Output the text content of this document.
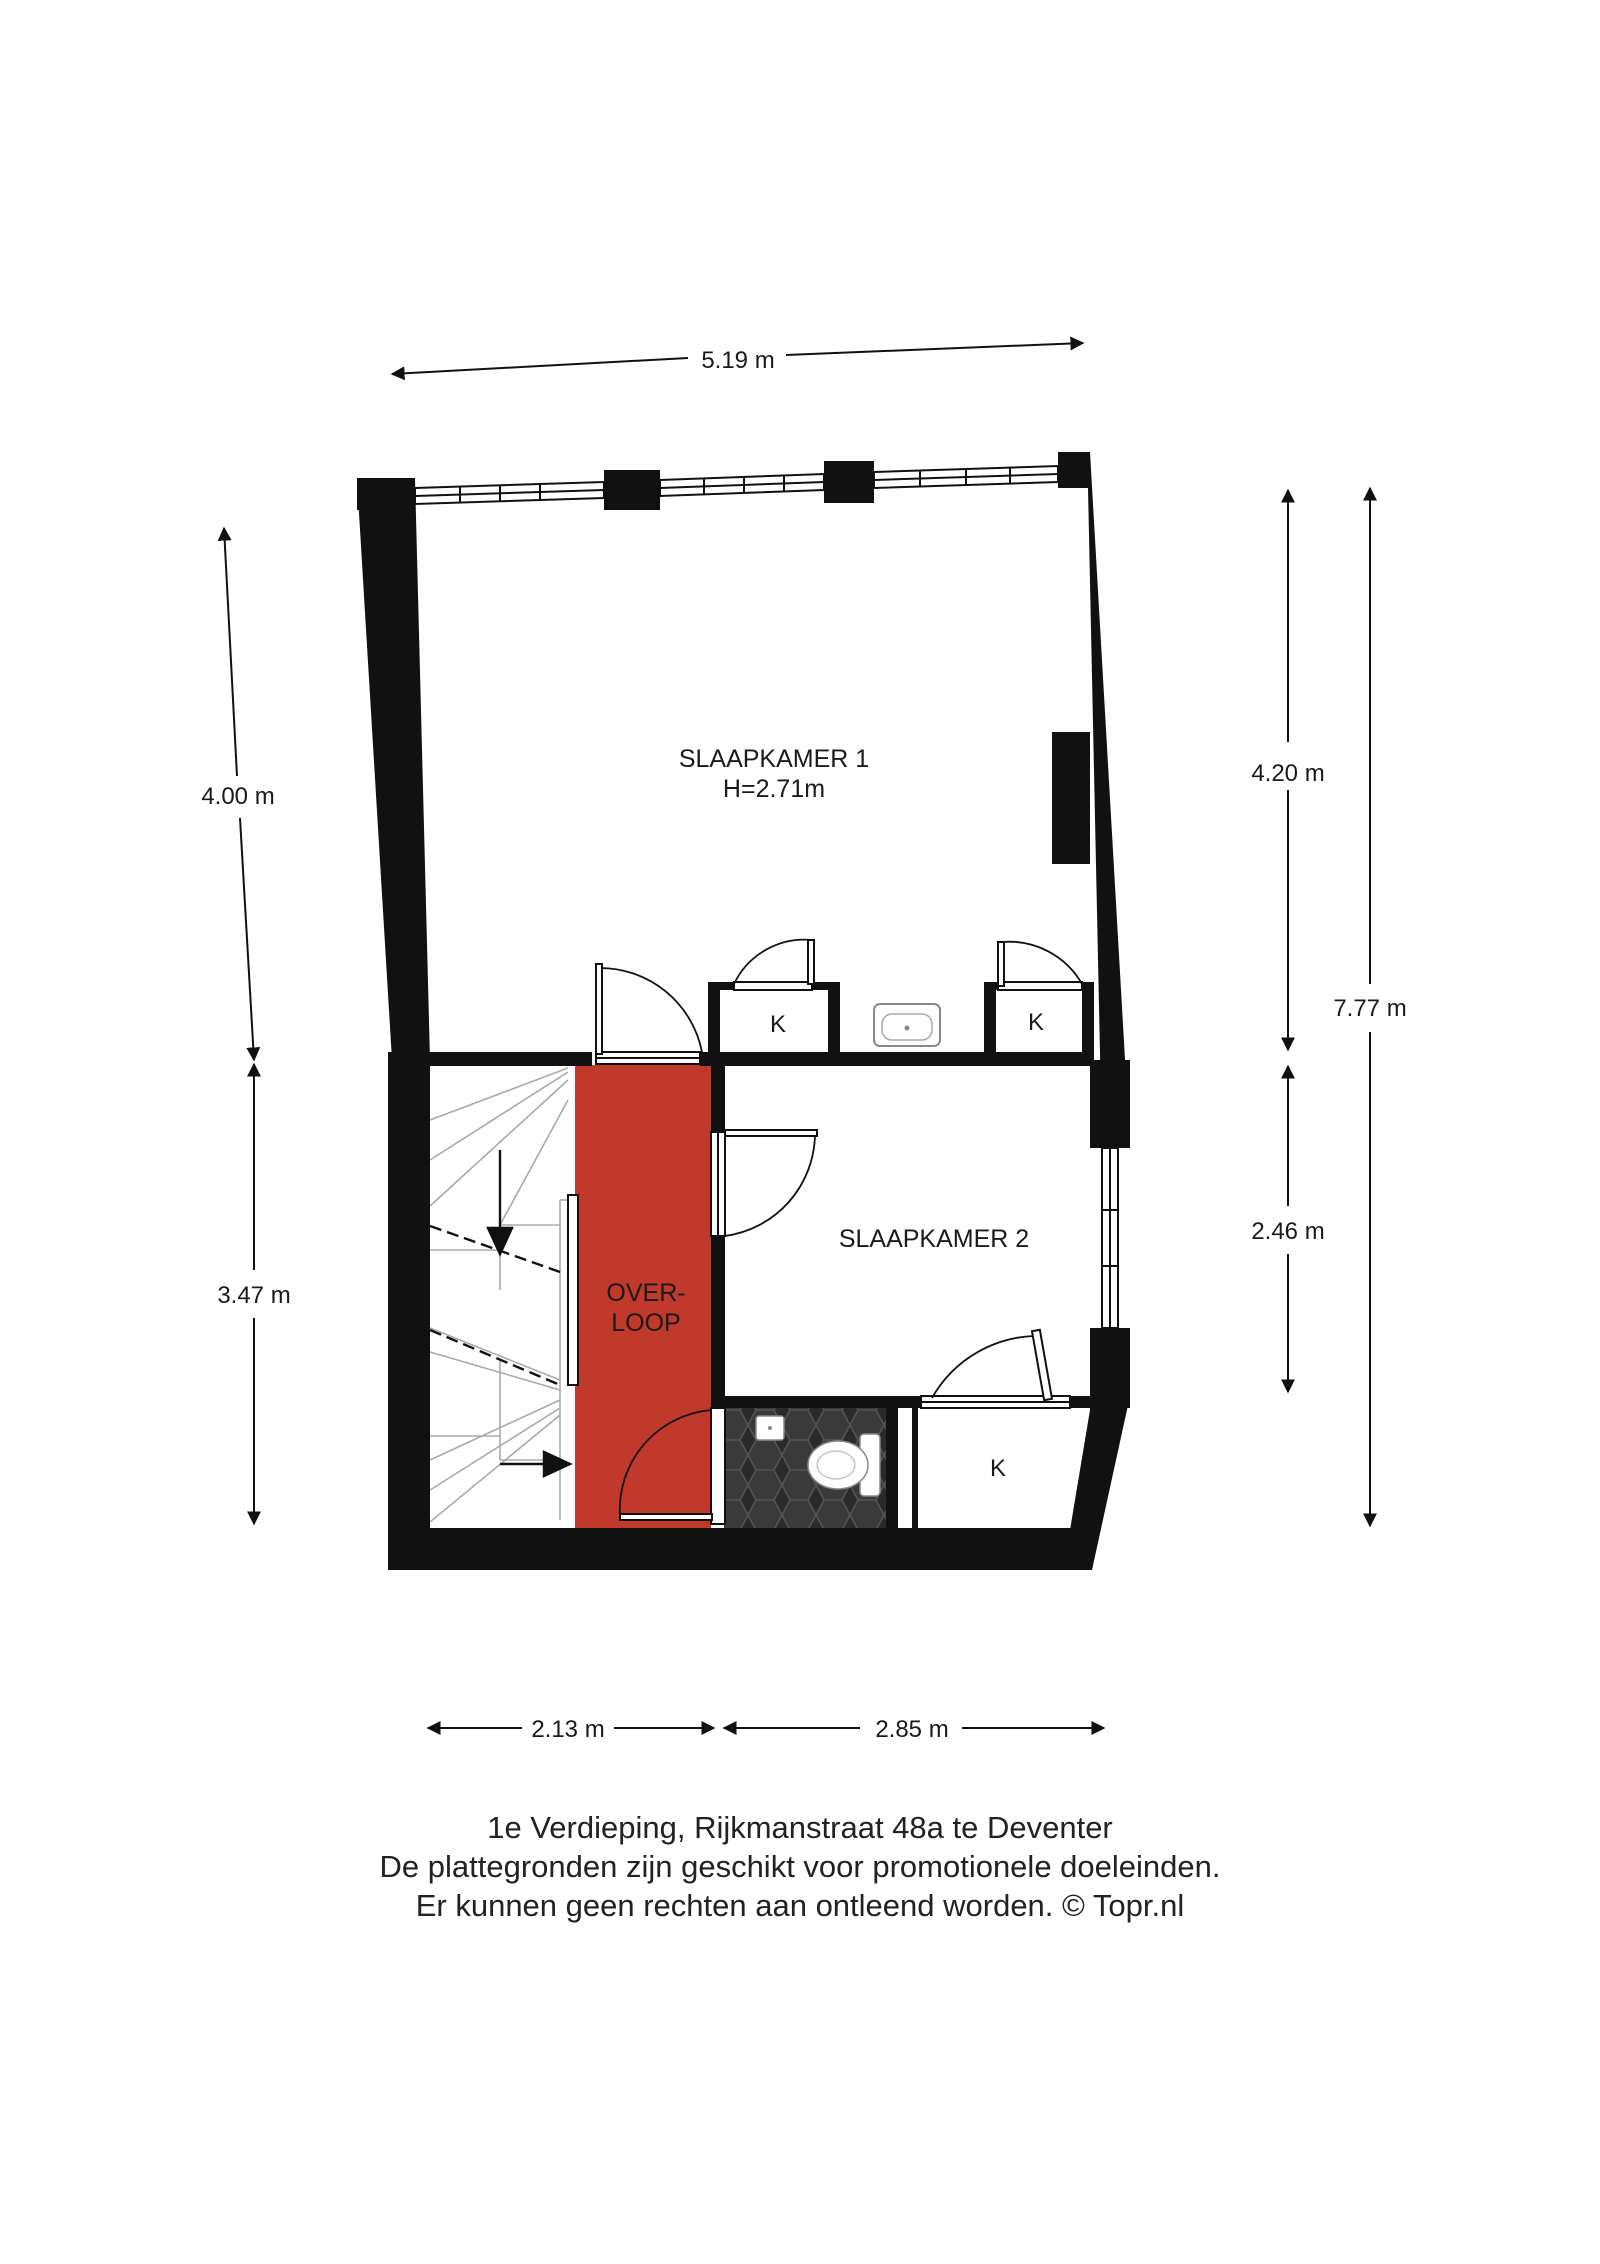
5.19 m
4.00 m
3.47 m
4.20 m
2.46 m
7.77 m
2.13 m	2.85 m
SLAAPKAMER 1
H=2.71m
SLAAPKAMER 2
OVER-
LOOP
K	K
K
1e Verdieping, Rijkmanstraat 48a te Deventer
De plattegronden zijn geschikt voor promotionele doeleinden.
Er kunnen geen rechten aan ontleend worden. © Topr.nl
